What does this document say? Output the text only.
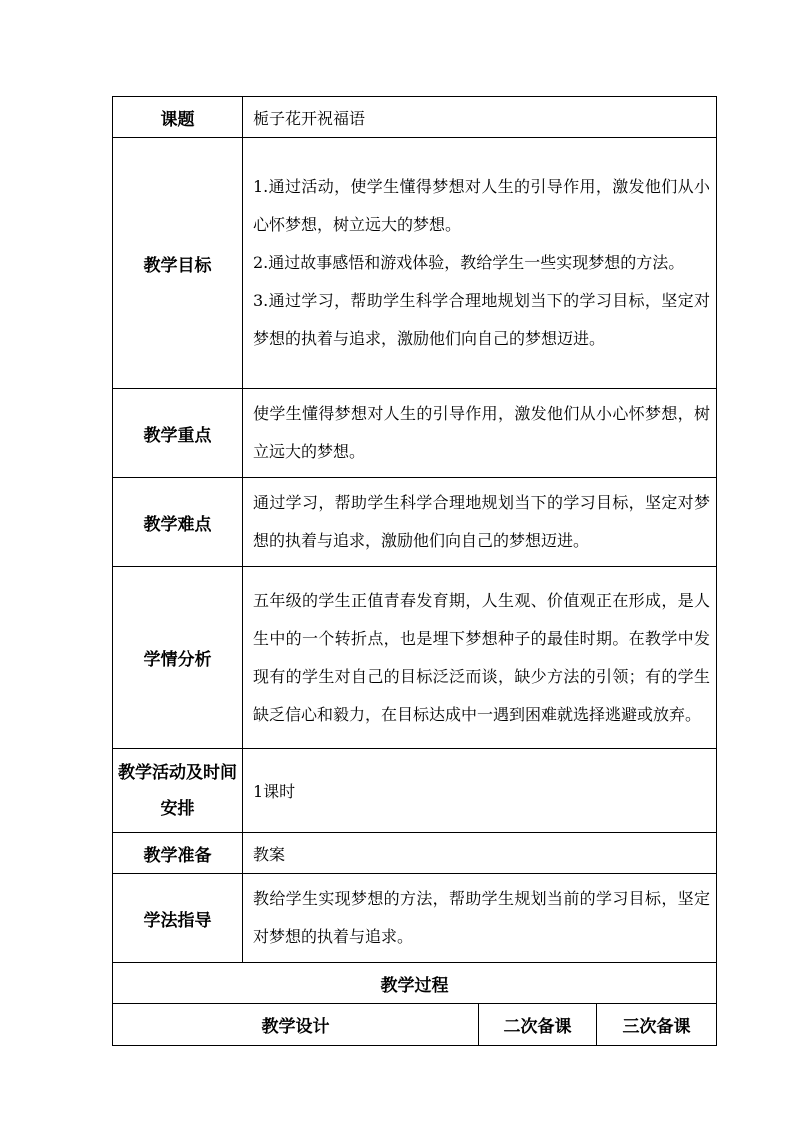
课题	栀子花开祝福语		
教学目标	1.通过活动，使学生懂得梦想对人生的引导作用，激发他们从小心怀梦想，树立远大的梦想。

2.通过故事感悟和游戏体验，教给学生一些实现梦想的方法。

3.通过学习，帮助学生科学合理地规划当下的学习目标，坚定对梦想的执着与追求，激励他们向自己的梦想迈进。		

教学重点	使学生懂得梦想对人生的引导作用，激发他们从小心怀梦想，树立远大的梦想。		
教学难点	通过学习，帮助学生科学合理地规划当下的学习目标，坚定对梦想的执着与追求，激励他们向自己的梦想迈进。		
学情分析	五年级的学生正值青春发育期，人生观、价值观正在形成，是人生中的一个转折点，也是埋下梦想种子的最佳时期。在教学中发现有的学生对自己的目标泛泛而谈，缺少方法的引领；有的学生缺乏信心和毅力，在目标达成中一遇到困难就选择逃避或放弃。		
教学活动及时间安排	1课时		
教学准备	教案		
学法指导	教给学生实现梦想的方法，帮助学生规划当前的学习目标，坚定对梦想的执着与追求。		
教学过程			
教学设计		二次备课	三次备课
